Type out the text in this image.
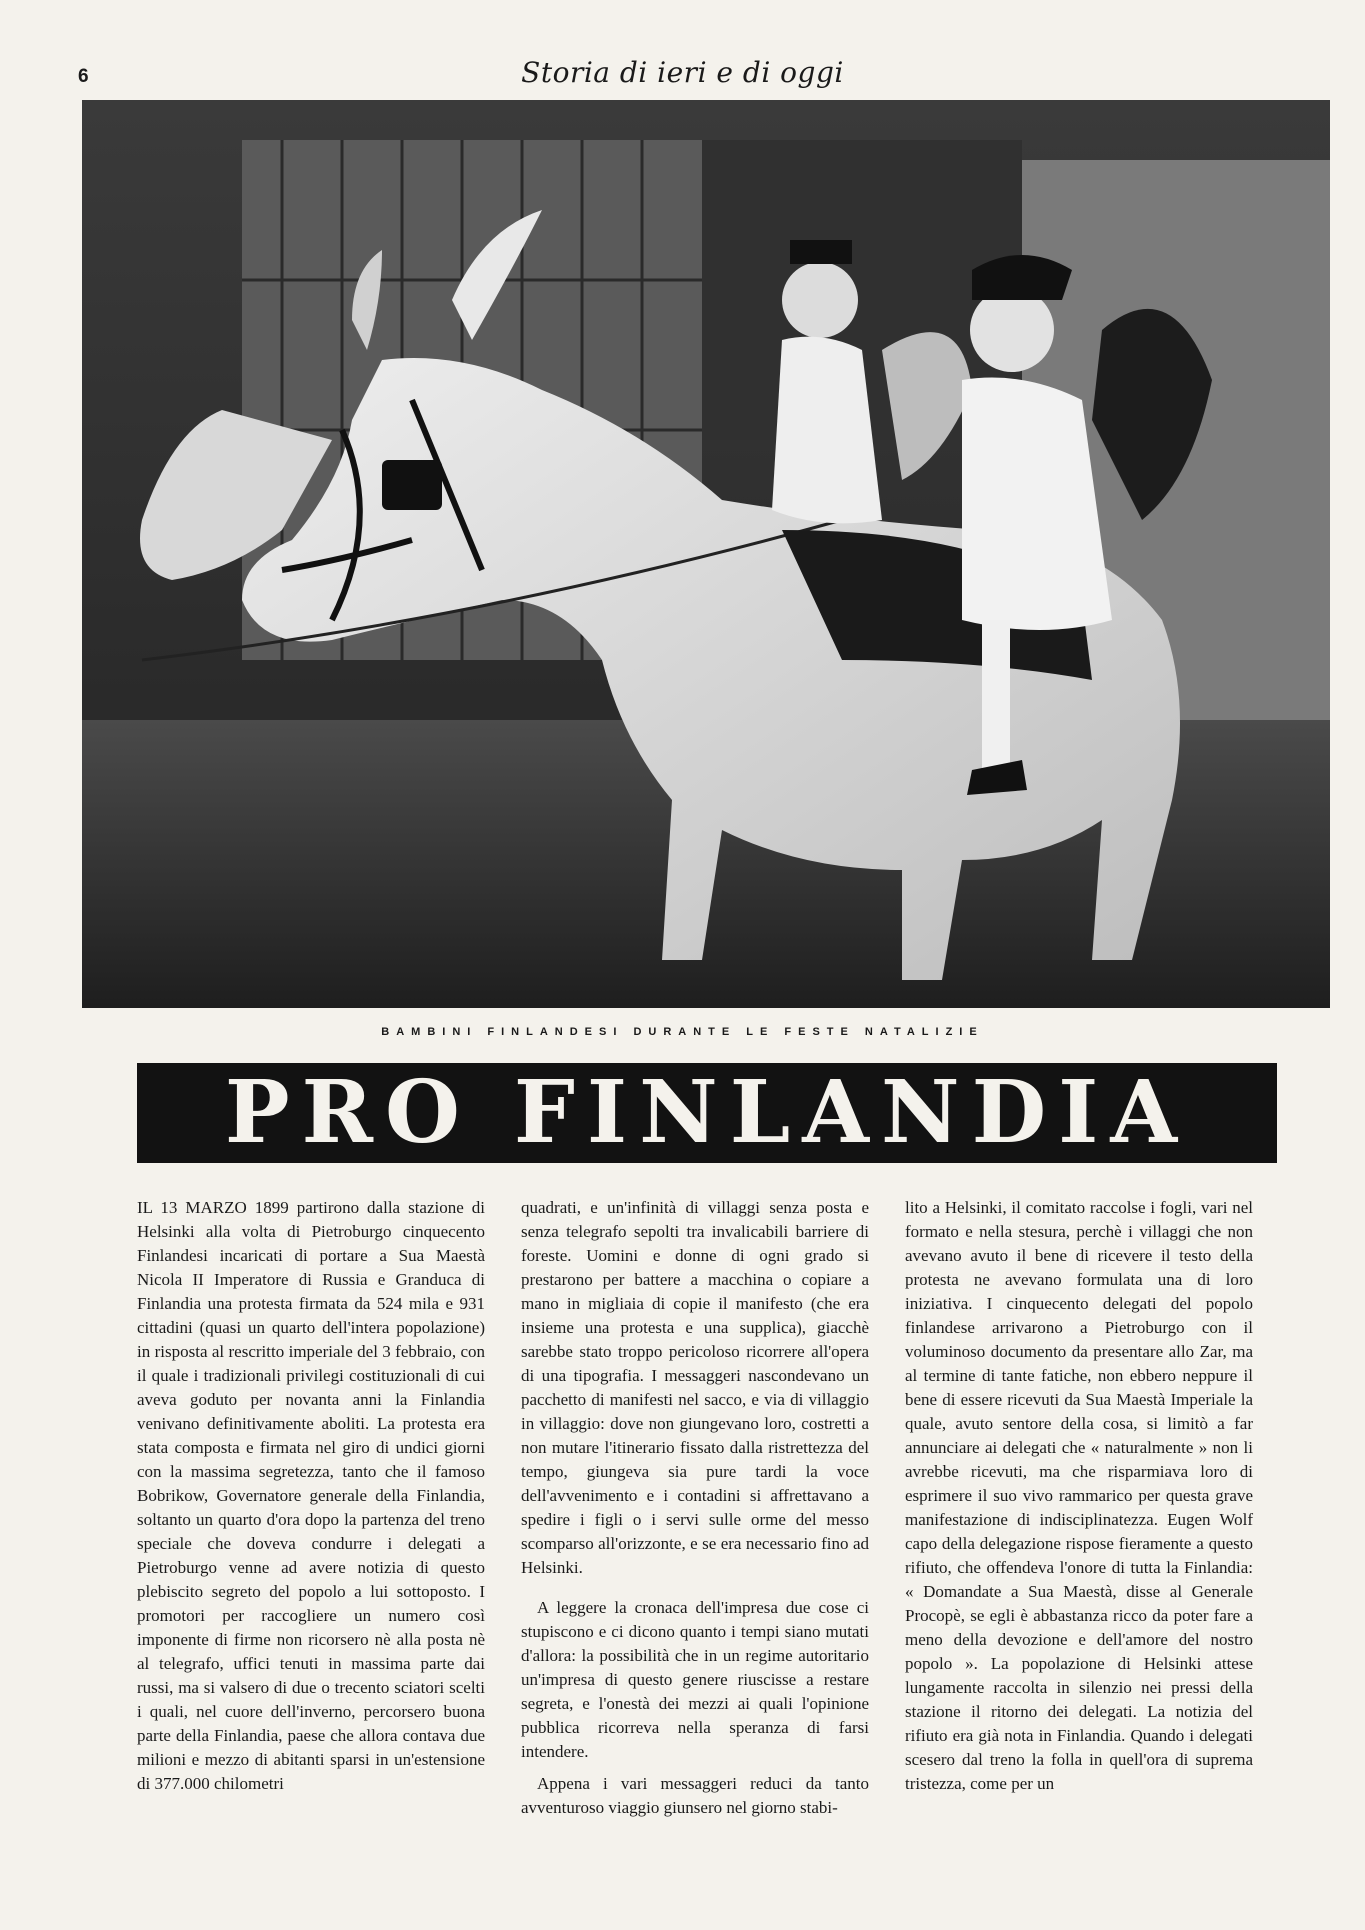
6	Storia di ieri e di oggi
BAMBINI FINLANDESI DURANTE LE FESTE NATALIZIE
PRO FINLANDIA

IL 13 MARZO 1899 partirono dalla stazione di Helsinki alla volta di Pietroburgo cinquecento Finlandesi incaricati di portare a Sua Maestà Nicola II Imperatore di Russia e Granduca di Finlandia una protesta firmata da 524 mila e 931 cittadini (quasi un quarto dell'intera popolazione) in risposta al rescritto imperiale del 3 febbraio, con il quale i tradizionali privilegi costituzionali di cui aveva goduto per novanta anni la Finlandia venivano definitivamente aboliti. La protesta era stata composta e firmata nel giro di undici giorni con la massima segretezza, tanto che il famoso Bobrikow, Governatore generale della Finlandia, soltanto un quarto d'ora dopo la partenza del treno speciale che doveva condurre i delegati a Pietroburgo venne ad avere notizia di questo plebiscito segreto del popolo a lui sottoposto. I promotori per raccogliere un numero così imponente di firme non ricorsero nè alla posta nè al telegrafo, uffici tenuti in massima parte dai russi, ma si valsero di due o trecento sciatori scelti i quali, nel cuore dell'inverno, percorsero buona parte della Finlandia, paese che allora contava due milioni e mezzo di abitanti sparsi in un'estensione di 377.000 chilometri

quadrati, e un'infinità di villaggi senza posta e senza telegrafo sepolti tra invalicabili barriere di foreste. Uomini e donne di ogni grado si prestarono per battere a macchina o copiare a mano in migliaia di copie il manifesto (che era insieme una protesta e una supplica), giacchè sarebbe stato troppo pericoloso ricorrere all'opera di una tipografia. I messaggeri nascondevano un pacchetto di manifesti nel sacco, e via di villaggio in villaggio: dove non giungevano loro, costretti a non mutare l'itinerario fissato dalla ristrettezza del tempo, giungeva sia pure tardi la voce dell'avvenimento e i contadini si affrettavano a spedire i figli o i servi sulle orme del messo scomparso all'orizzonte, e se era necessario fino ad Helsinki.

A leggere la cronaca dell'impresa due cose ci stupiscono e ci dicono quanto i tempi siano mutati d'allora: la possibilità che in un regime autoritario un'impresa di questo genere riuscisse a restare segreta, e l'onestà dei mezzi ai quali l'opinione pubblica ricorreva nella speranza di farsi intendere.

Appena i vari messaggeri reduci da tanto avventuroso viaggio giunsero nel giorno stabi-

lito a Helsinki, il comitato raccolse i fogli, vari nel formato e nella stesura, perchè i villaggi che non avevano avuto il bene di ricevere il testo della protesta ne avevano formulata una di loro iniziativa. I cinquecento delegati del popolo finlandese arrivarono a Pietroburgo con il voluminoso documento da presentare allo Zar, ma al termine di tante fatiche, non ebbero neppure il bene di essere ricevuti da Sua Maestà Imperiale la quale, avuto sentore della cosa, si limitò a far annunciare ai delegati che « naturalmente » non li avrebbe ricevuti, ma che risparmiava loro di esprimere il suo vivo rammarico per questa grave manifestazione di indisciplinatezza. Eugen Wolf capo della delegazione rispose fieramente a questo rifiuto, che offendeva l'onore di tutta la Finlandia: « Domandate a Sua Maestà, disse al Generale Procopè, se egli è abbastanza ricco da poter fare a meno della devozione e dell'amore del nostro popolo ». La popolazione di Helsinki attese lungamente raccolta in silenzio nei pressi della stazione il ritorno dei delegati. La notizia del rifiuto era già nota in Finlandia. Quando i delegati scesero dal treno la folla in quell'ora di suprema tristezza, come per un
